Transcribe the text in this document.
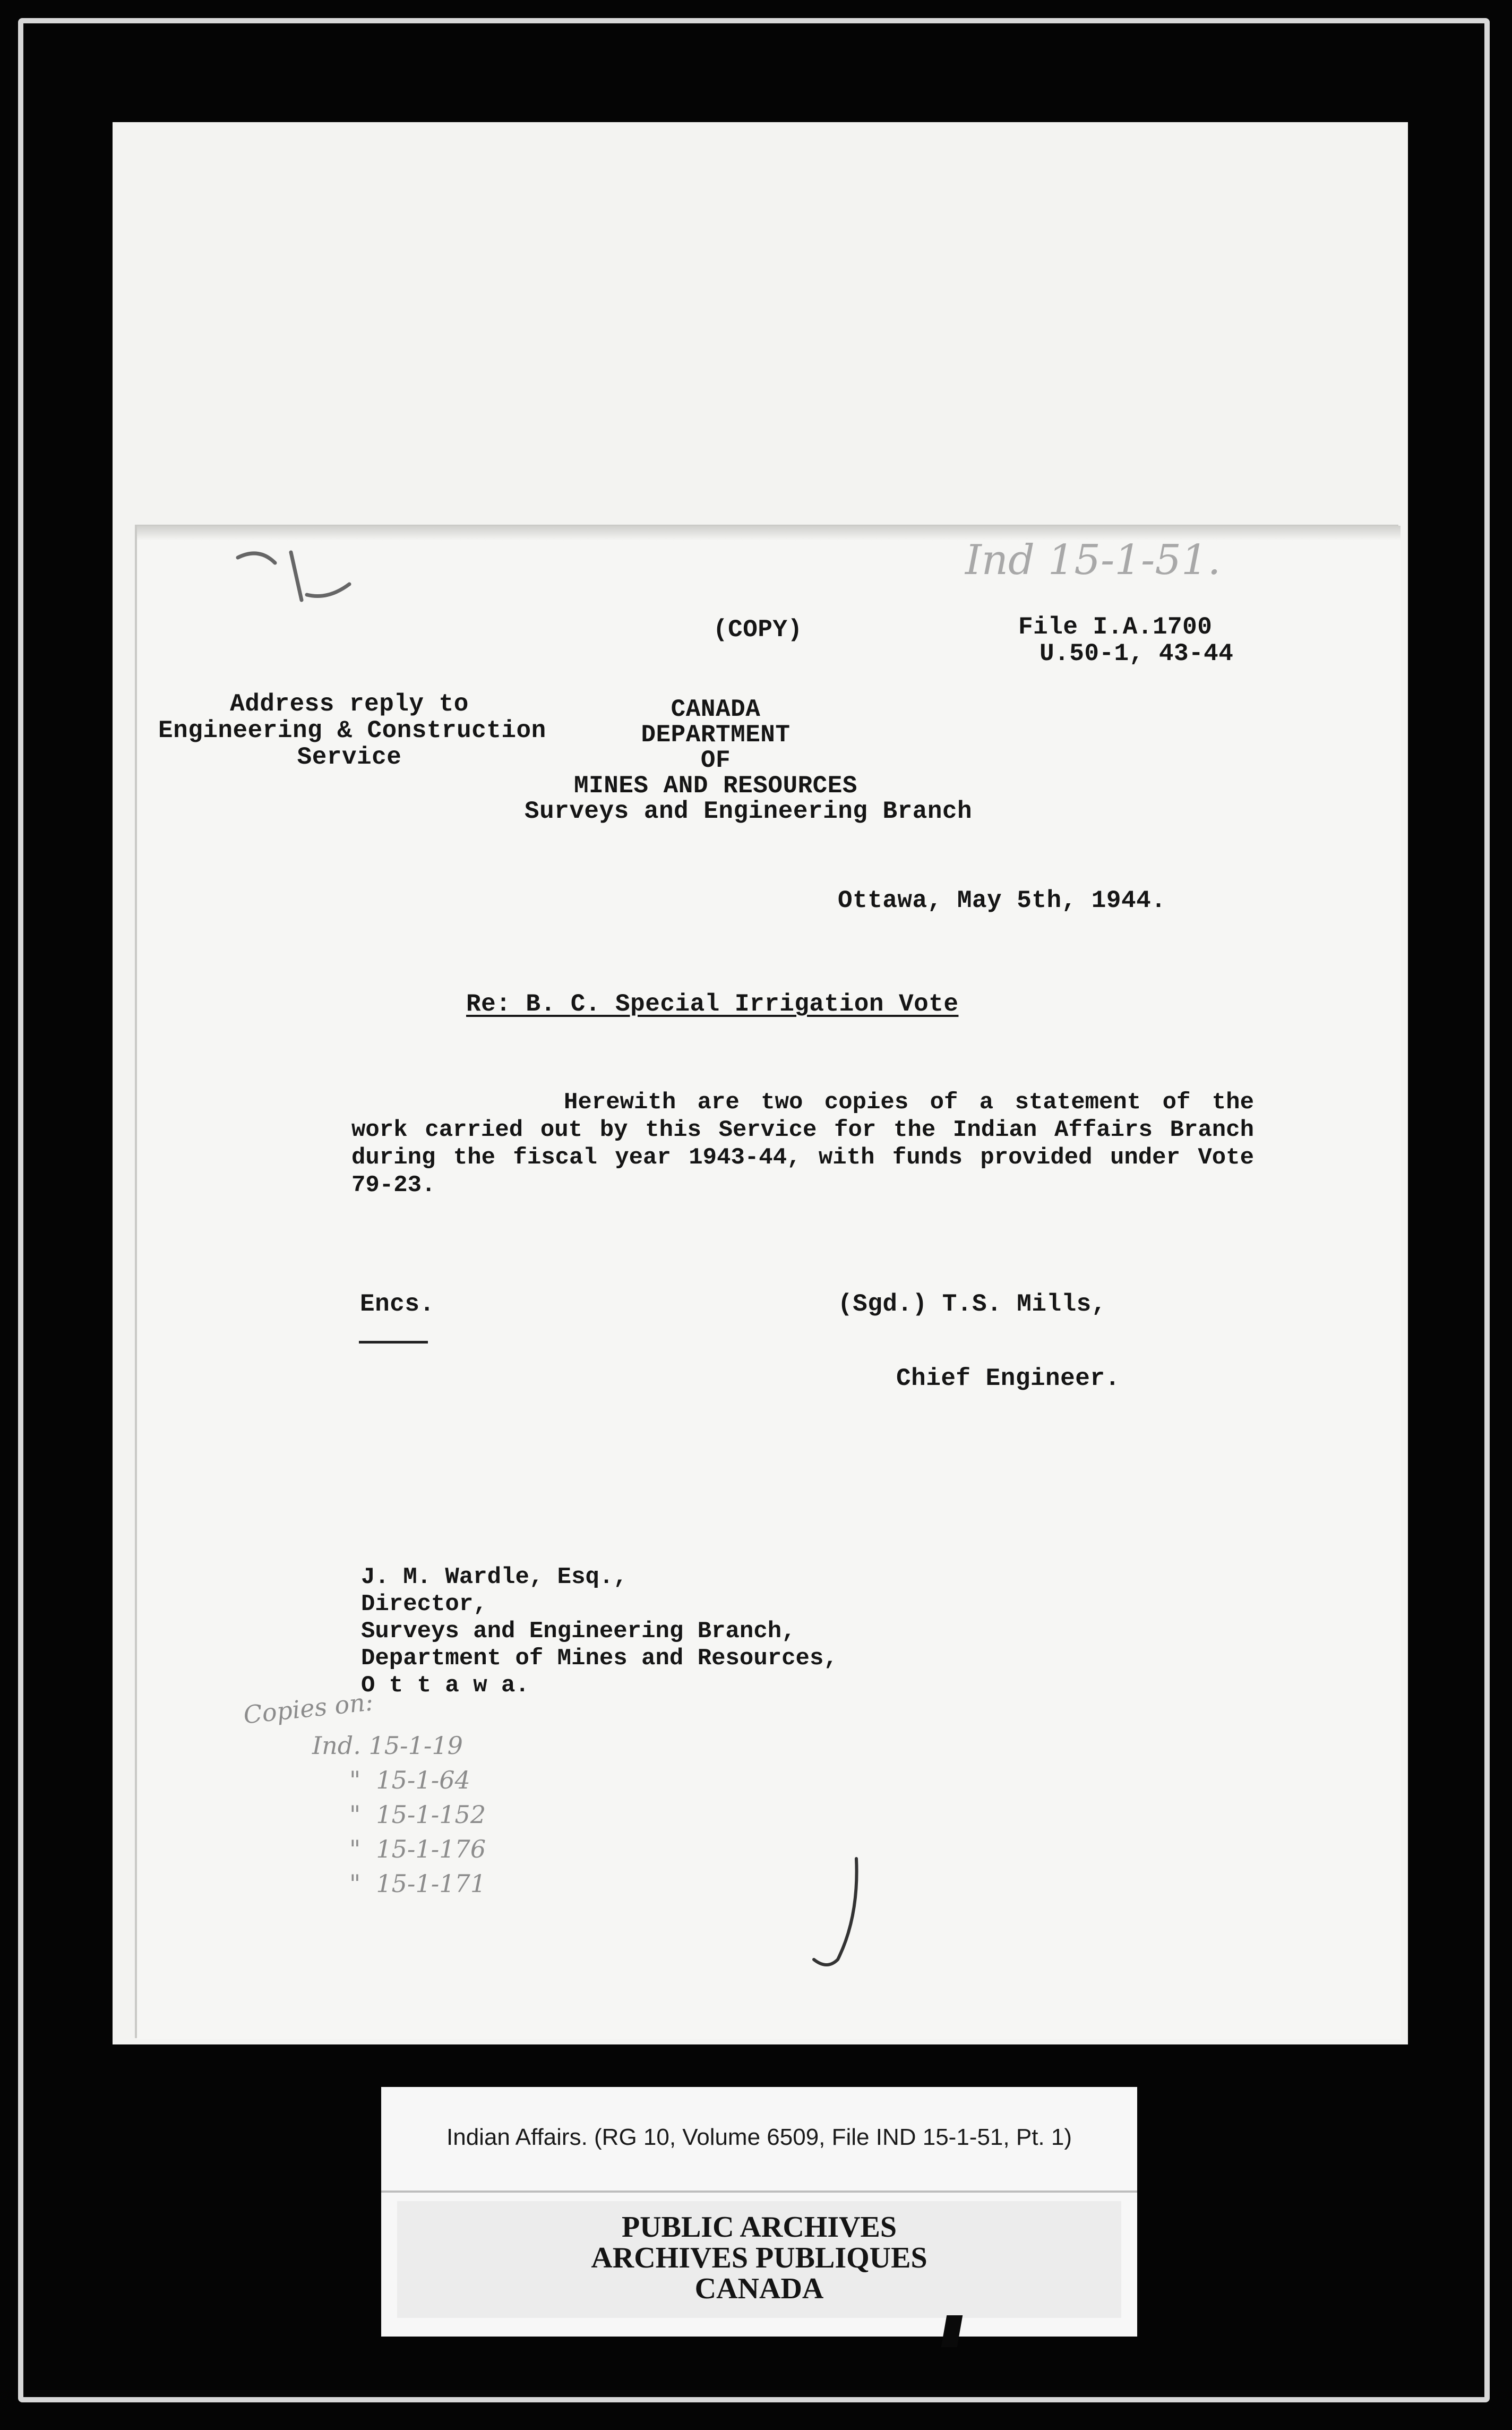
Ind 15-1-51.
(COPY)	File I.A.1700
U.50-1, 43-44
Address reply to
Engineering & Construction
Service
CANADA
DEPARTMENT
OF
MINES AND RESOURCES
Surveys and Engineering Branch
Ottawa, May 5th, 1944.
Re: B. C. Special Irrigation Vote
Herewith are two copies of a statement of the work carried out by this Service for the Indian Affairs Branch during the fiscal year 1943-44, with funds provided under Vote 79-23.
Encs.	(Sgd.) T.S. Mills,
Chief Engineer.
J. M. Wardle, Esq.,
Director,
Surveys and Engineering Branch,
Department of Mines and Resources,
O t t a w a.
Copies on:
Ind. 15-1-19
"  15-1-64
"  15-1-152
"  15-1-176
"  15-1-171
Indian Affairs. (RG 10, Volume 6509, File IND 15-1-51, Pt. 1)
PUBLIC ARCHIVES
ARCHIVES PUBLIQUES
CANADA
